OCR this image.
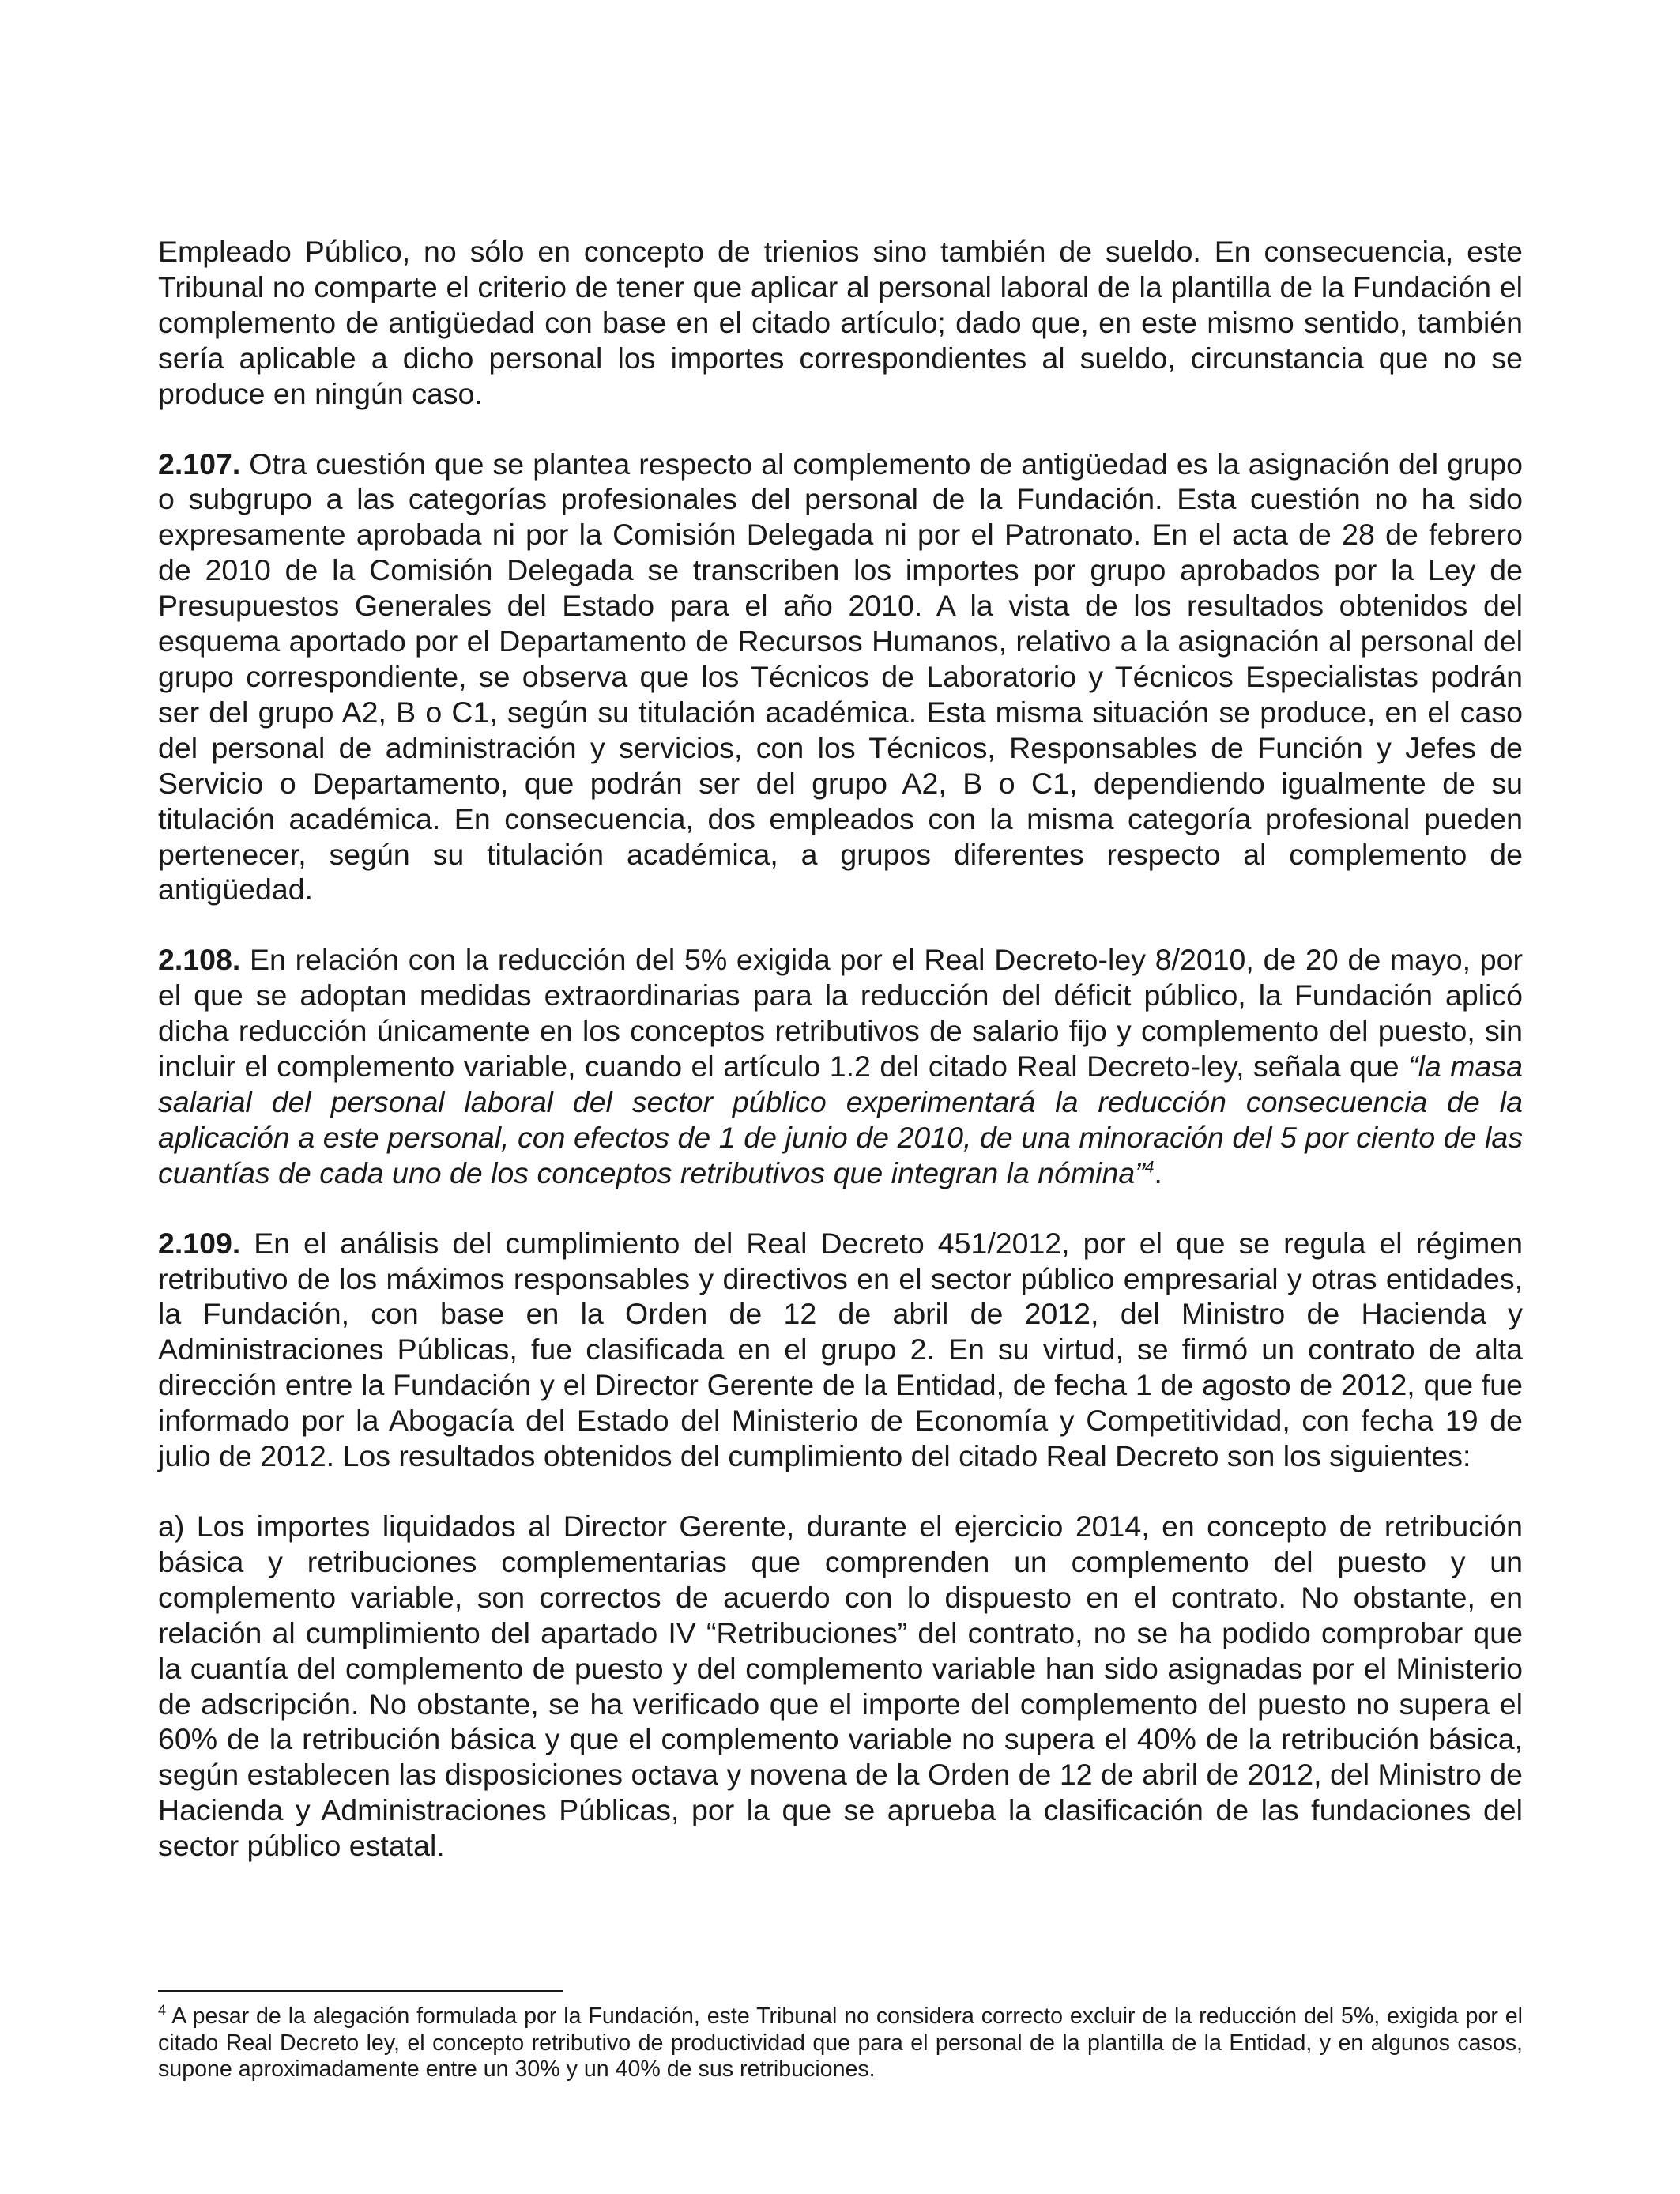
Empleado Público, no sólo en concepto de trienios sino también de sueldo. En consecuencia, este Tribunal no comparte el criterio de tener que aplicar al personal laboral de la plantilla de la Fundación el complemento de antigüedad con base en el citado artículo; dado que, en este mismo sentido, también sería aplicable a dicho personal los importes correspondientes al sueldo, circunstancia que no se produce en ningún caso.

2.107. Otra cuestión que se plantea respecto al complemento de antigüedad es la asignación del grupo o subgrupo a las categorías profesionales del personal de la Fundación. Esta cuestión no ha sido expresamente aprobada ni por la Comisión Delegada ni por el Patronato. En el acta de 28 de febrero de 2010 de la Comisión Delegada se transcriben los importes por grupo aprobados por la Ley de Presupuestos Generales del Estado para el año 2010. A la vista de los resultados obtenidos del esquema aportado por el Departamento de Recursos Humanos, relativo a la asignación al personal del grupo correspondiente, se observa que los Técnicos de Laboratorio y Técnicos Especialistas podrán ser del grupo A2, B o C1, según su titulación académica. Esta misma situación se produce, en el caso del personal de administración y servicios, con los Técnicos, Responsables de Función y Jefes de Servicio o Departamento, que podrán ser del grupo A2, B o C1, dependiendo igualmente de su titulación académica. En consecuencia, dos empleados con la misma categoría profesional pueden pertenecer, según su titulación académica, a grupos diferentes respecto al complemento de antigüedad.

2.108. En relación con la reducción del 5% exigida por el Real Decreto-ley 8/2010, de 20 de mayo, por el que se adoptan medidas extraordinarias para la reducción del déficit público, la Fundación aplicó dicha reducción únicamente en los conceptos retributivos de salario fijo y complemento del puesto, sin incluir el complemento variable, cuando el artículo 1.2 del citado Real Decreto-ley, señala que “la masa salarial del personal laboral del sector público experimentará la reducción consecuencia de la aplicación a este personal, con efectos de 1 de junio de 2010, de una minoración del 5 por ciento de las cuantías de cada uno de los conceptos retributivos que integran la nómina”$^4$.

2.109. En el análisis del cumplimiento del Real Decreto 451/2012, por el que se regula el régimen retributivo de los máximos responsables y directivos en el sector público empresarial y otras entidades, la Fundación, con base en la Orden de 12 de abril de 2012, del Ministro de Hacienda y Administraciones Públicas, fue clasificada en el grupo 2. En su virtud, se firmó un contrato de alta dirección entre la Fundación y el Director Gerente de la Entidad, de fecha 1 de agosto de 2012, que fue informado por la Abogacía del Estado del Ministerio de Economía y Competitividad, con fecha 19 de julio de 2012. Los resultados obtenidos del cumplimiento del citado Real Decreto son los siguientes:

a) Los importes liquidados al Director Gerente, durante el ejercicio 2014, en concepto de retribución básica y retribuciones complementarias que comprenden un complemento del puesto y un complemento variable, son correctos de acuerdo con lo dispuesto en el contrato. No obstante, en relación al cumplimiento del apartado IV “Retribuciones” del contrato, no se ha podido comprobar que la cuantía del complemento de puesto y del complemento variable han sido asignadas por el Ministerio de adscripción. No obstante, se ha verificado que el importe del complemento del puesto no supera el 60% de la retribución básica y que el complemento variable no supera el 40% de la retribución básica, según establecen las disposiciones octava y novena de la Orden de 12 de abril de 2012, del Ministro de Hacienda y Administraciones Públicas, por la que se aprueba la clasificación de las fundaciones del sector público estatal.

$^4$ A pesar de la alegación formulada por la Fundación, este Tribunal no considera correcto excluir de la reducción del 5%, exigida por el citado Real Decreto ley, el concepto retributivo de productividad que para el personal de la plantilla de la Entidad, y en algunos casos, supone aproximadamente entre un 30% y un 40% de sus retribuciones.
